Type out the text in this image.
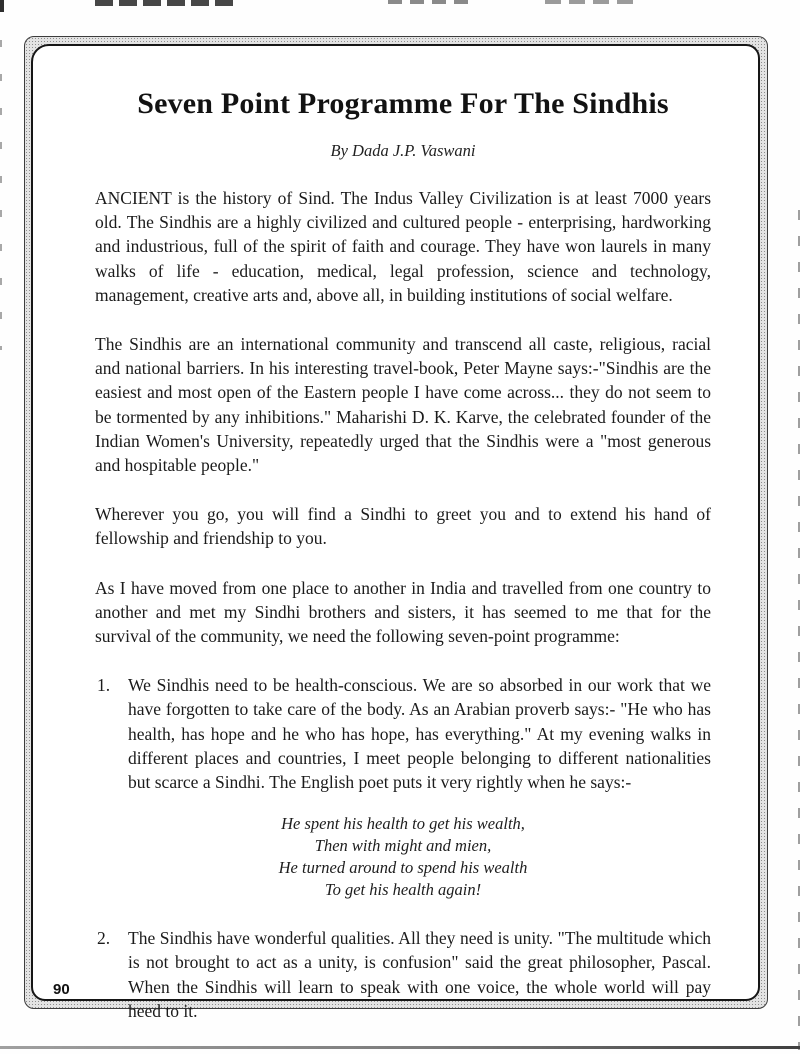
Seven Point Programme For The Sindhis
By Dada J.P. Vaswani

ANCIENT is the history of Sind. The Indus Valley Civilization is at least 7000 years old. The Sindhis are a highly civilized and cultured people - enterprising, hardworking and industrious, full of the spirit of faith and courage. They have won laurels in many walks of life - education, medical, legal profession, science and technology, management, creative arts and, above all, in building institutions of social welfare.

The Sindhis are an international community and transcend all caste, religious, racial and national barriers. In his interesting travel-book, Peter Mayne says:-"Sindhis are the easiest and most open of the Eastern people I have come across... they do not seem to be tormented by any inhibitions." Maharishi D. K. Karve, the celebrated founder of the Indian Women's University, repeatedly urged that the Sindhis were a "most generous and hospitable people."

Wherever you go, you will find a Sindhi to greet you and to extend his hand of fellowship and friendship to you.

As I have moved from one place to another in India and travelled from one country to another and met my Sindhi brothers and sisters, it has seemed to me that for the survival of the community, we need the following seven-point programme:

1. We Sindhis need to be health-conscious. We are so absorbed in our work that we have forgotten to take care of the body. As an Arabian proverb says:- "He who has health, has hope and he who has hope, has everything." At my evening walks in different places and countries, I meet people belonging to different nationalities but scarce a Sindhi. The English poet puts it very rightly when he says:-
He spent his health to get his wealth,
Then with might and mien,
He turned around to spend his wealth
To get his health again!
2. The Sindhis have wonderful qualities. All they need is unity. "The multitude which is not brought to act as a unity, is confusion" said the great philosopher, Pascal. When the Sindhis will learn to speak with one voice, the whole world will pay heed to it.
90
